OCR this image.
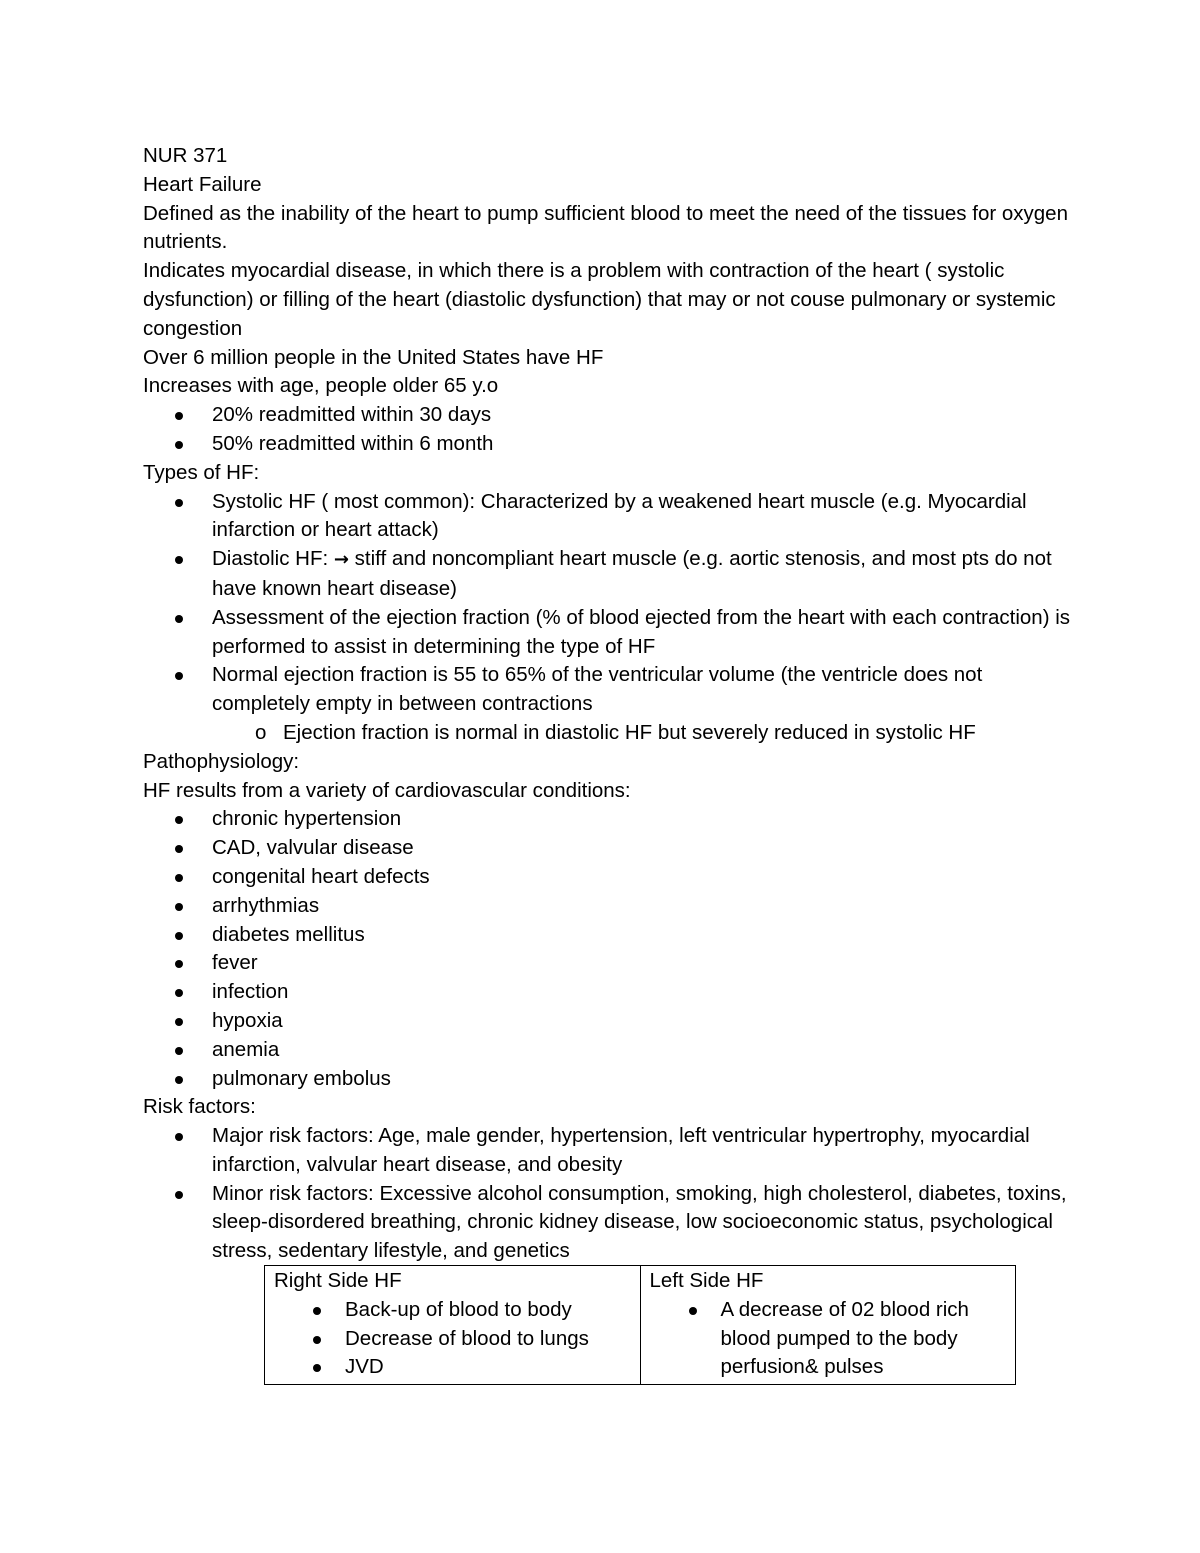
NUR 371

Heart Failure

Defined as the inability of the heart to pump sufficient blood to meet the need of the tissues for oxygen nutrients.

Indicates myocardial disease, in which there is a problem with contraction of the heart ( systolic dysfunction) or filling of the heart (diastolic dysfunction) that may or not couse pulmonary or systemic congestion

Over 6 million people in the United States have HF

Increases with age, people older 65 y.o

20% readmitted within 30 days
50% readmitted within 6 month

Types of HF:

Systolic HF ( most common): Characterized by a weakened heart muscle (e.g. Myocardial infarction or heart attack)
Diastolic HF: → stiff and noncompliant heart muscle (e.g. aortic stenosis, and most pts do not have known heart disease)
Assessment of the ejection fraction (% of blood ejected from the heart with each contraction) is performed to assist in determining the type of HF
Normal ejection fraction is 55 to 65% of the ventricular volume (the ventricle does not completely empty in between contractions
o Ejection fraction is normal in diastolic HF but severely reduced in systolic HF

Pathophysiology:

HF results from a variety of cardiovascular conditions:

chronic hypertension
CAD, valvular disease
congenital heart defects
arrhythmias
diabetes mellitus
fever
infection
hypoxia
anemia
pulmonary embolus

Risk factors:

Major risk factors: Age, male gender, hypertension, left ventricular hypertrophy, myocardial infarction, valvular heart disease, and obesity
Minor risk factors: Excessive alcohol consumption, smoking, high cholesterol, diabetes, toxins, sleep-disordered breathing, chronic kidney disease, low socioeconomic status, psychological stress, sedentary lifestyle, and genetics
Right Side HF
Back-up of blood to body
Decrease of blood to lungs
JVD

Left Side HF
A decrease of 02 blood rich blood pumped to the body perfusion& pulses
